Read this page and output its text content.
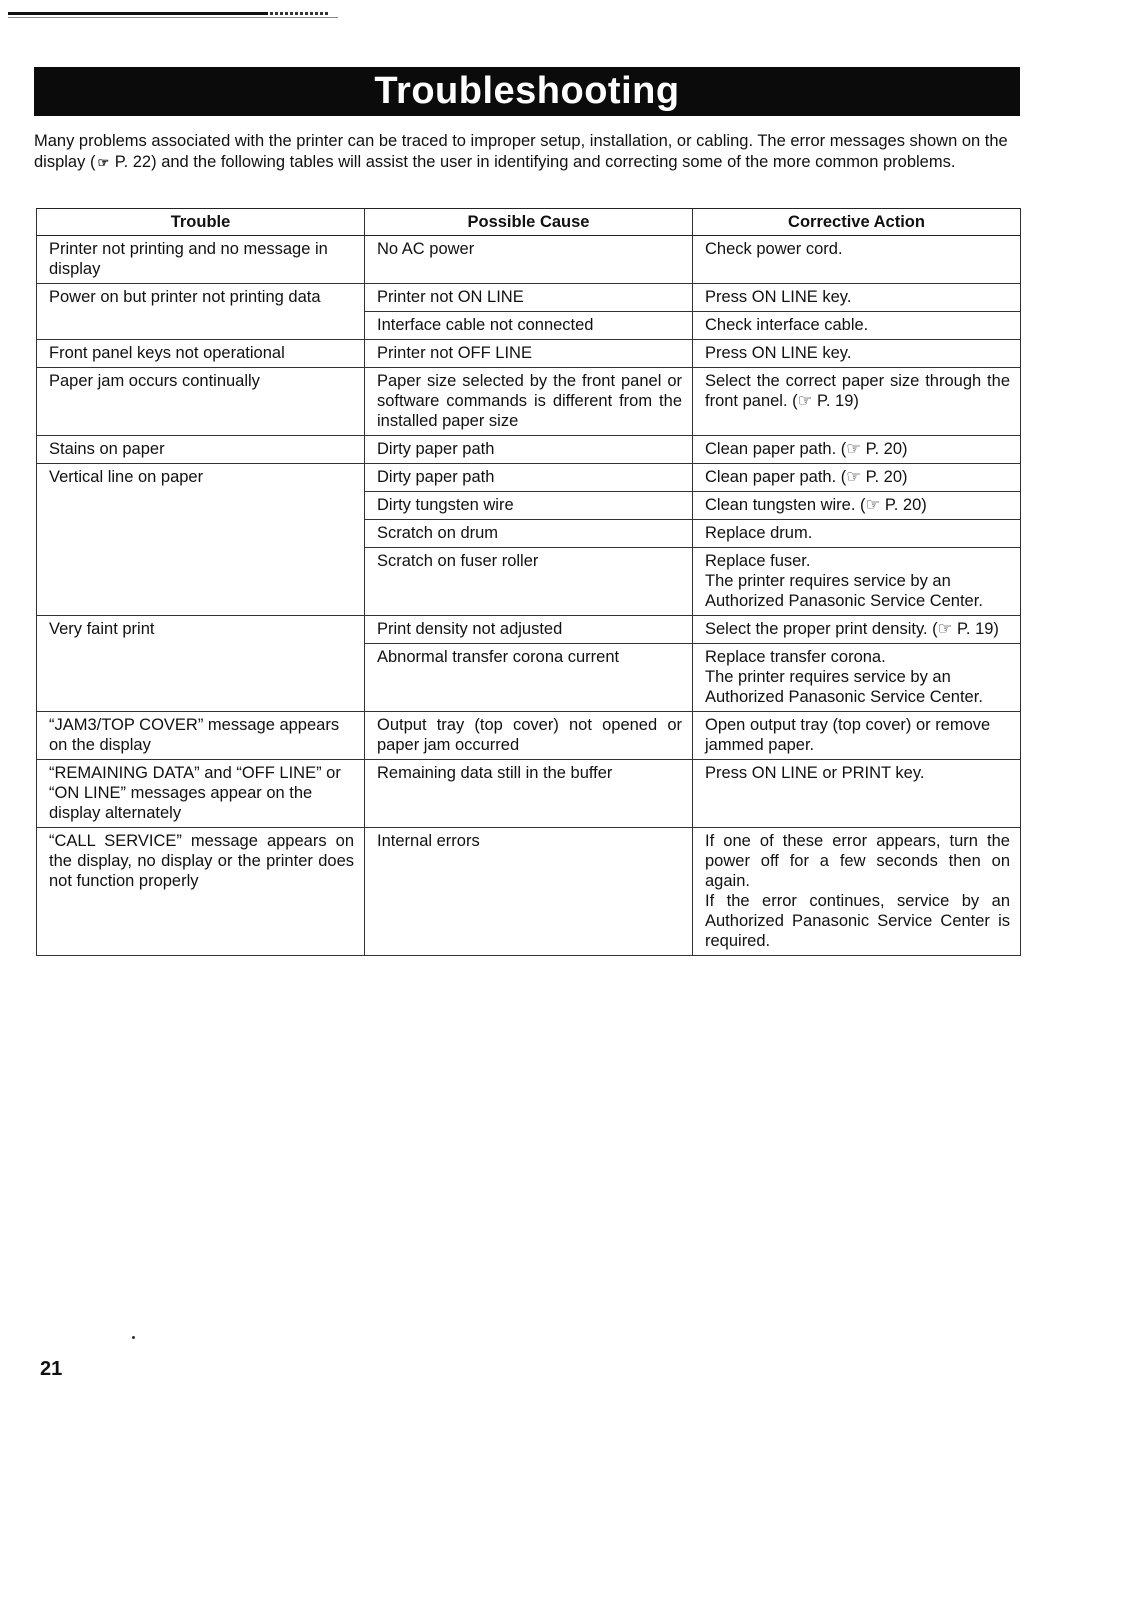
Troubleshooting
Many problems associated with the printer can be traced to improper setup, installation, or cabling. The error messages shown on the display ( ☞ P. 22) and the following tables will assist the user in identifying and correcting some of the more common problems.
Trouble	Possible Cause	Corrective Action
Printer not printing and no message in display	No AC power	Check power cord.
Power on but printer not printing data	Printer not ON LINE	Press ON LINE key.
	Interface cable not connected	Check interface cable.
Front panel keys not operational	Printer not OFF LINE	Press ON LINE key.
Paper jam occurs continually	Paper size selected by the front panel or software commands is different from the installed paper size	Select the correct paper size through the front panel. (☞ P. 19)
Stains on paper	Dirty paper path	Clean paper path. (☞ P. 20)
Vertical line on paper	Dirty paper path	Clean paper path. (☞ P. 20)
	Dirty tungsten wire	Clean tungsten wire. (☞ P. 20)
	Scratch on drum	Replace drum.
	Scratch on fuser roller	Replace fuser.
The printer requires service by an Authorized Panasonic Service Center.
Very faint print	Print density not adjusted	Select the proper print density. (☞ P. 19)
	Abnormal transfer corona current	Replace transfer corona.
The printer requires service by an Authorized Panasonic Service Center.
“JAM3/TOP COVER” message appears on the display	Output tray (top cover) not opened or paper jam occurred	Open output tray (top cover) or remove jammed paper.
“REMAINING DATA” and “OFF LINE” or “ON LINE” messages appear on the display alternately	Remaining data still in the buffer	Press ON LINE or PRINT key.
“CALL SERVICE” message appears on the display, no display or the printer does not function properly	Internal errors	If one of these error appears, turn the power off for a few seconds then on again.
If the error continues, service by an Authorized Panasonic Service Center is required.
21
